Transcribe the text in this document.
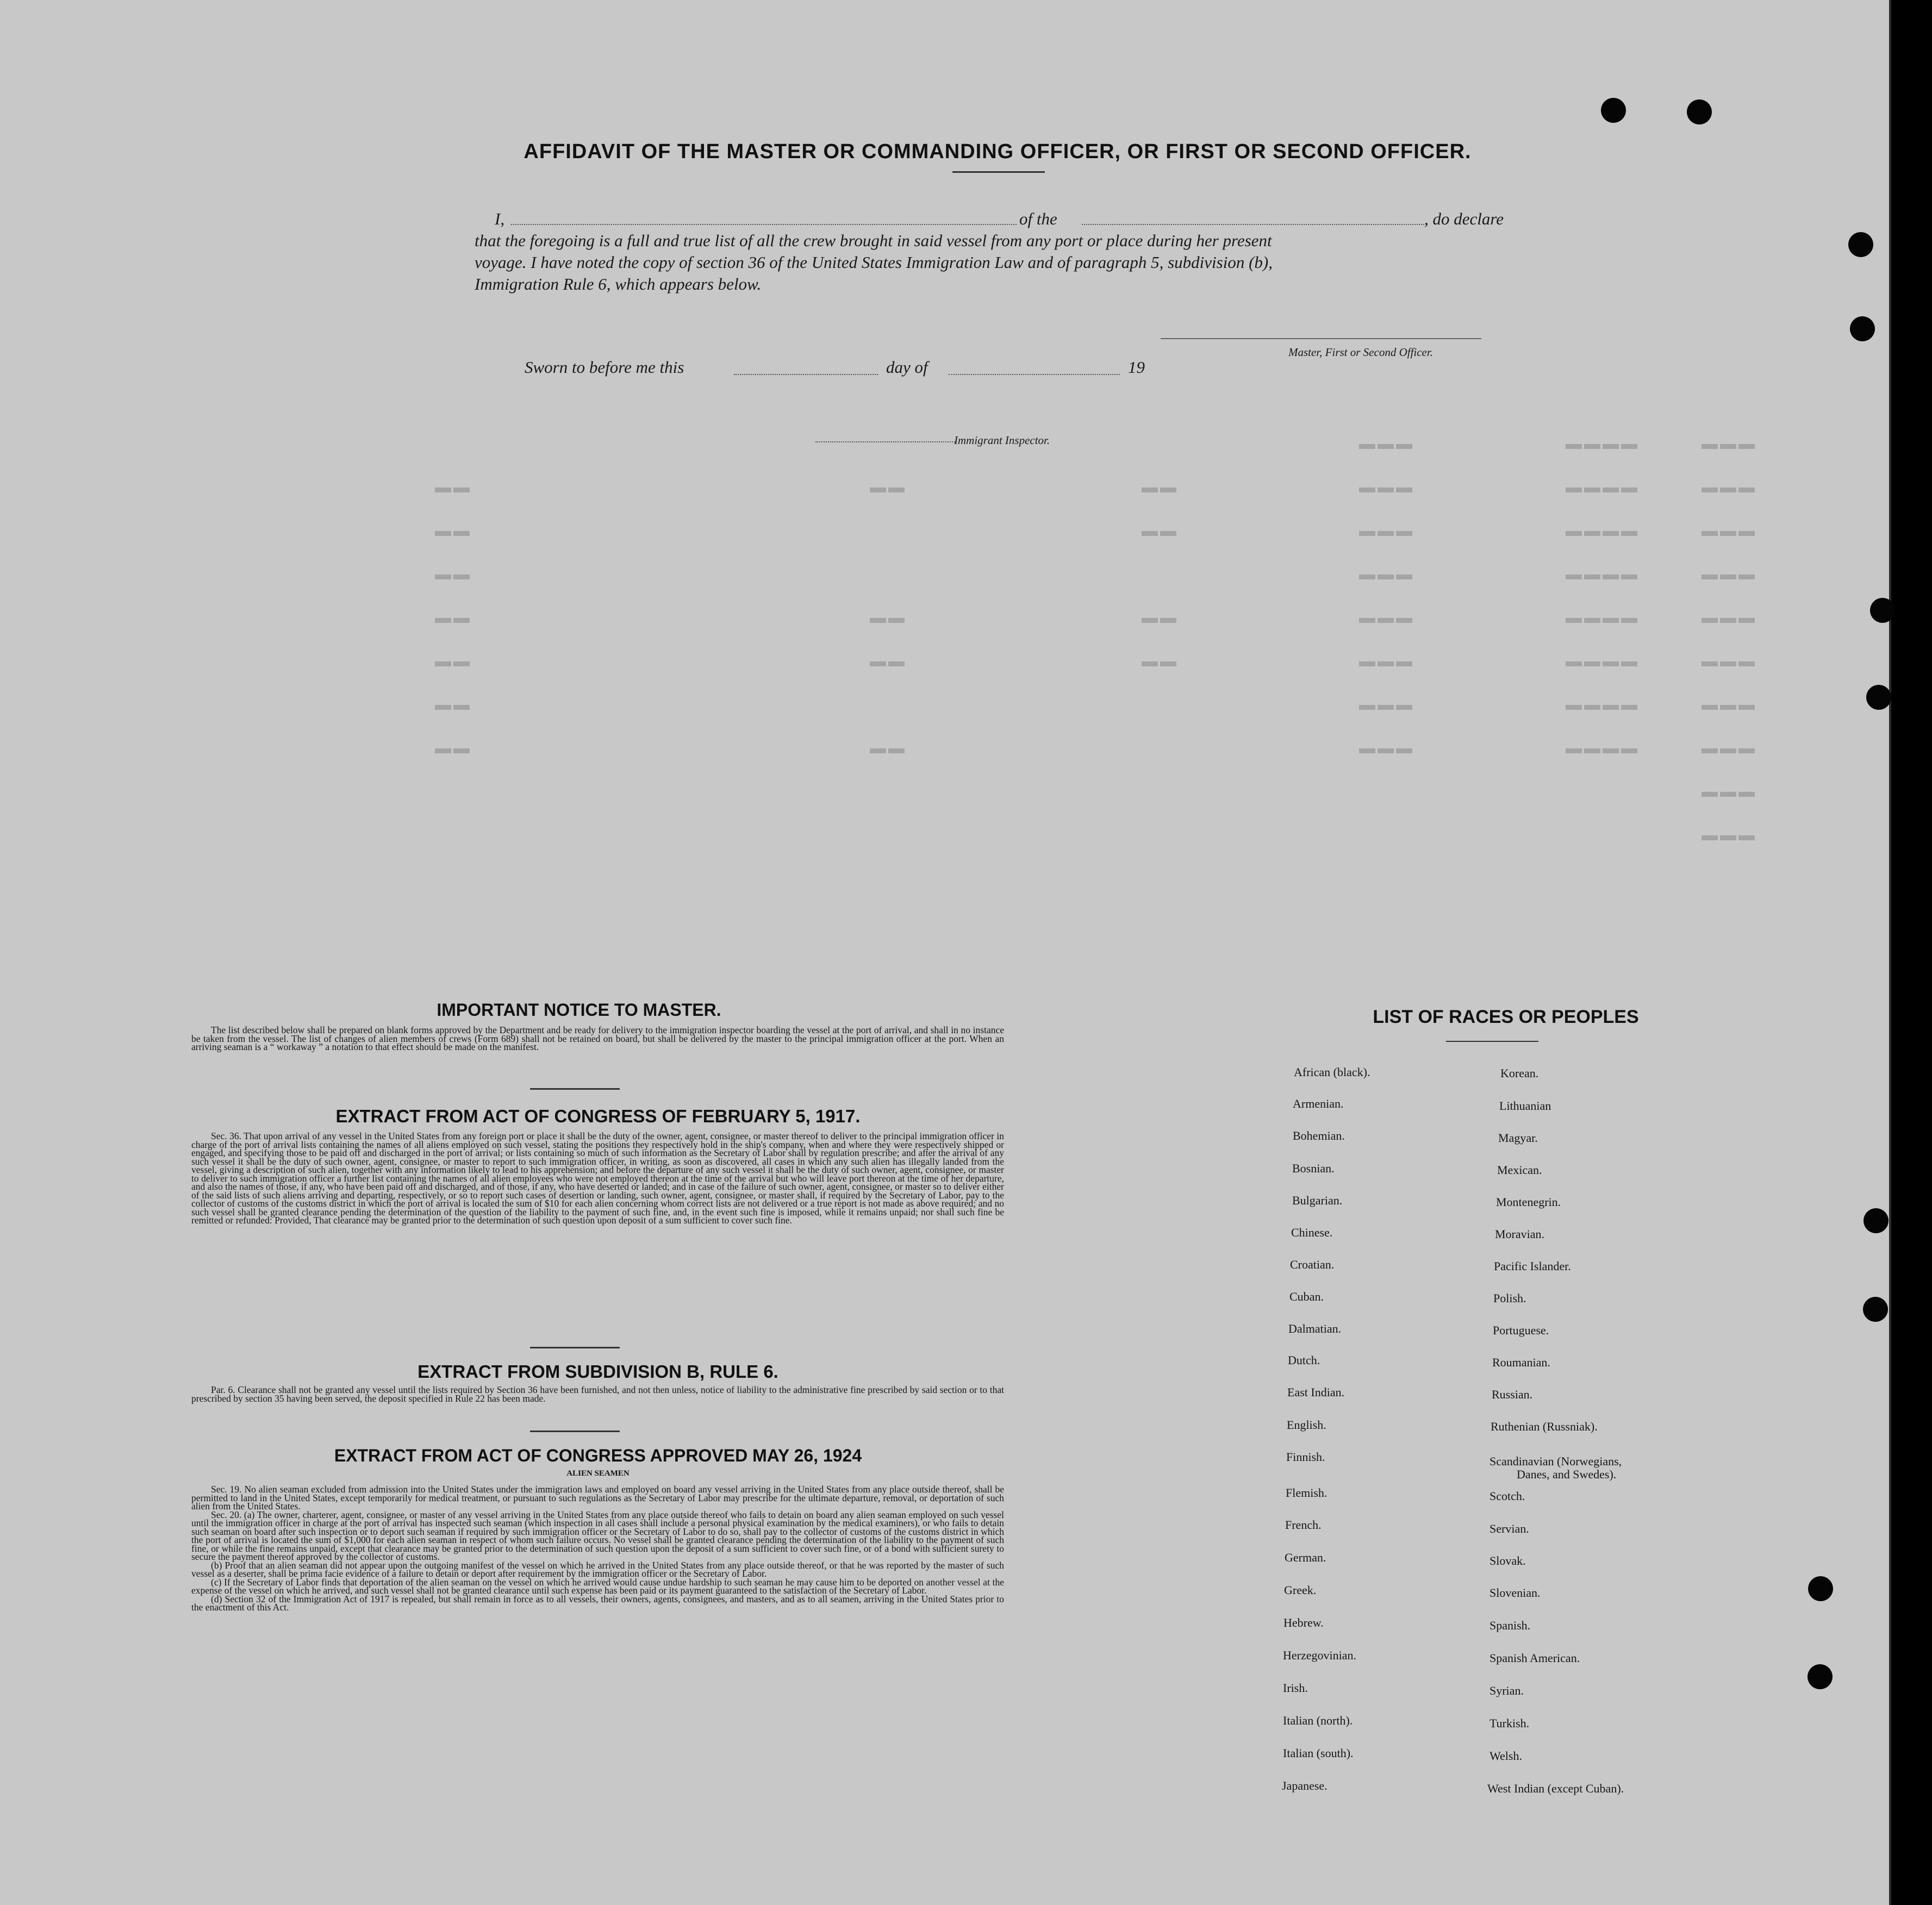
▬▬▬
▬▬▬
▬▬▬
▬▬▬
▬▬▬
▬▬▬
▬▬▬
▬▬▬
▬▬▬
▬▬▬
▬▬▬▬
▬▬▬▬
▬▬▬▬
▬▬▬▬
▬▬▬▬
▬▬▬▬
▬▬▬▬
▬▬▬▬
▬▬▬
▬▬▬
▬▬▬
▬▬▬
▬▬▬
▬▬▬
▬▬▬
▬▬▬
▬▬
▬▬
▬▬
▬▬
▬▬
▬▬
▬▬
▬▬
▬▬
▬▬
▬▬
▬▬
▬▬
▬▬
▬▬
AFFIDAVIT OF THE MASTER OR COMMANDING OFFICER, OR FIRST OR SECOND OFFICER.
I,	of the	, do declare
that the foregoing is a full and true list of all the crew brought in said vessel from any port or place during her present
voyage. I have noted the copy of section 36 of the United States Immigration Law and of paragraph 5, subdivision (b),
Immigration Rule 6, which appears below.
Master, First or Second Officer.
Sworn to before me this	day of	19
Immigrant Inspector.
IMPORTANT NOTICE TO MASTER.

The list described below shall be prepared on blank forms approved by the Department and be ready for delivery to the immigration inspector boarding the vessel at the port of arrival, and shall in no instance be taken from the vessel. The list of changes of alien members of crews (Form 689) shall not be retained on board, but shall be delivered by the master to the principal immigration officer at the port. When an arriving seaman is a “ workaway ” a notation to that effect should be made on the manifest.

EXTRACT FROM ACT OF CONGRESS OF FEBRUARY 5, 1917.

Sec. 36. That upon arrival of any vessel in the United States from any foreign port or place it shall be the duty of the owner, agent, consignee, or master thereof to deliver to the principal immigration officer in charge of the port of arrival lists containing the names of all aliens employed on such vessel, stating the positions they respectively hold in the ship's company, when and where they were respectively shipped or engaged, and specifying those to be paid off and discharged in the port of arrival; or lists containing so much of such information as the Secretary of Labor shall by regulation prescribe; and after the arrival of any such vessel it shall be the duty of such owner, agent, consignee, or master to report to such immigration officer, in writing, as soon as discovered, all cases in which any such alien has illegally landed from the vessel, giving a description of such alien, together with any information likely to lead to his apprehension; and before the departure of any such vessel it shall be the duty of such owner, agent, consignee, or master to deliver to such immigration officer a further list containing the names of all alien employees who were not employed thereon at the time of the arrival but who will leave port thereon at the time of her departure, and also the names of those, if any, who have been paid off and discharged, and of those, if any, who have deserted or landed; and in case of the failure of such owner, agent, consignee, or master so to deliver either of the said lists of such aliens arriving and departing, respectively, or so to report such cases of desertion or landing, such owner, agent, consignee, or master shall, if required by the Secretary of Labor, pay to the collector of customs of the customs district in which the port of arrival is located the sum of $10 for each alien concerning whom correct lists are not delivered or a true report is not made as above required; and no such vessel shall be granted clearance pending the determination of the question of the liability to the payment of such fine, and, in the event such fine is imposed, while it remains unpaid; nor shall such fine be remitted or refunded: Provided, That clearance may be granted prior to the determination of such question upon deposit of a sum sufficient to cover such fine.

EXTRACT FROM SUBDIVISION B, RULE 6.

Par. 6. Clearance shall not be granted any vessel until the lists required by Section 36 have been furnished, and not then unless, notice of liability to the administrative fine prescribed by said section or to that prescribed by section 35 having been served, the deposit specified in Rule 22 has been made.

EXTRACT FROM ACT OF CONGRESS APPROVED MAY 26, 1924
ALIEN SEAMEN

Sec. 19. No alien seaman excluded from admission into the United States under the immigration laws and employed on board any vessel arriving in the United States from any place outside thereof, shall be permitted to land in the United States, except temporarily for medical treatment, or pursuant to such regulations as the Secretary of Labor may prescribe for the ultimate departure, removal, or deportation of such alien from the United States.

Sec. 20. (a) The owner, charterer, agent, consignee, or master of any vessel arriving in the United States from any place outside thereof who fails to detain on board any alien seaman employed on such vessel until the immigration officer in charge at the port of arrival has inspected such seaman (which inspection in all cases shall include a personal physical examination by the medical examiners), or who fails to detain such seaman on board after such inspection or to deport such seaman if required by such immigration officer or the Secretary of Labor to do so, shall pay to the collector of customs of the customs district in which the port of arrival is located the sum of $1,000 for each alien seaman in respect of whom such failure occurs. No vessel shall be granted clearance pending the determination of the liability to the payment of such fine, or while the fine remains unpaid, except that clearance may be granted prior to the determination of such question upon the deposit of a sum sufficient to cover such fine, or of a bond with sufficient surety to secure the payment thereof approved by the collector of customs.

(b) Proof that an alien seaman did not appear upon the outgoing manifest of the vessel on which he arrived in the United States from any place outside thereof, or that he was reported by the master of such vessel as a deserter, shall be prima facie evidence of a failure to detain or deport after requirement by the immigration officer or the Secretary of Labor.

(c) If the Secretary of Labor finds that deportation of the alien seaman on the vessel on which he arrived would cause undue hardship to such seaman he may cause him to be deported on another vessel at the expense of the vessel on which he arrived, and such vessel shall not be granted clearance until such expense has been paid or its payment guaranteed to the satisfaction of the Secretary of Labor.

(d) Section 32 of the Immigration Act of 1917 is repealed, but shall remain in force as to all vessels, their owners, agents, consignees, and masters, and as to all seamen, arriving in the United States prior to the enactment of this Act.

LIST OF RACES OR PEOPLES
African (black).
Armenian.
Bohemian.
Bosnian.
Bulgarian.
Chinese.
Croatian.
Cuban.
Dalmatian.
Dutch.
East Indian.
English.
Finnish.
Flemish.
French.
German.
Greek.
Hebrew.
Herzegovinian.
Irish.
Italian (north).
Italian (south).
Japanese.
Korean.
Lithuanian
Magyar.
Mexican.
Montenegrin.
Moravian.
Pacific Islander.
Polish.
Portuguese.
Roumanian.
Russian.
Ruthenian (Russniak).
Scandinavian (Norwegians,
Danes, and Swedes).
Scotch.
Servian.
Slovak.
Slovenian.
Spanish.
Spanish American.
Syrian.
Turkish.
Welsh.
West Indian (except Cuban).
